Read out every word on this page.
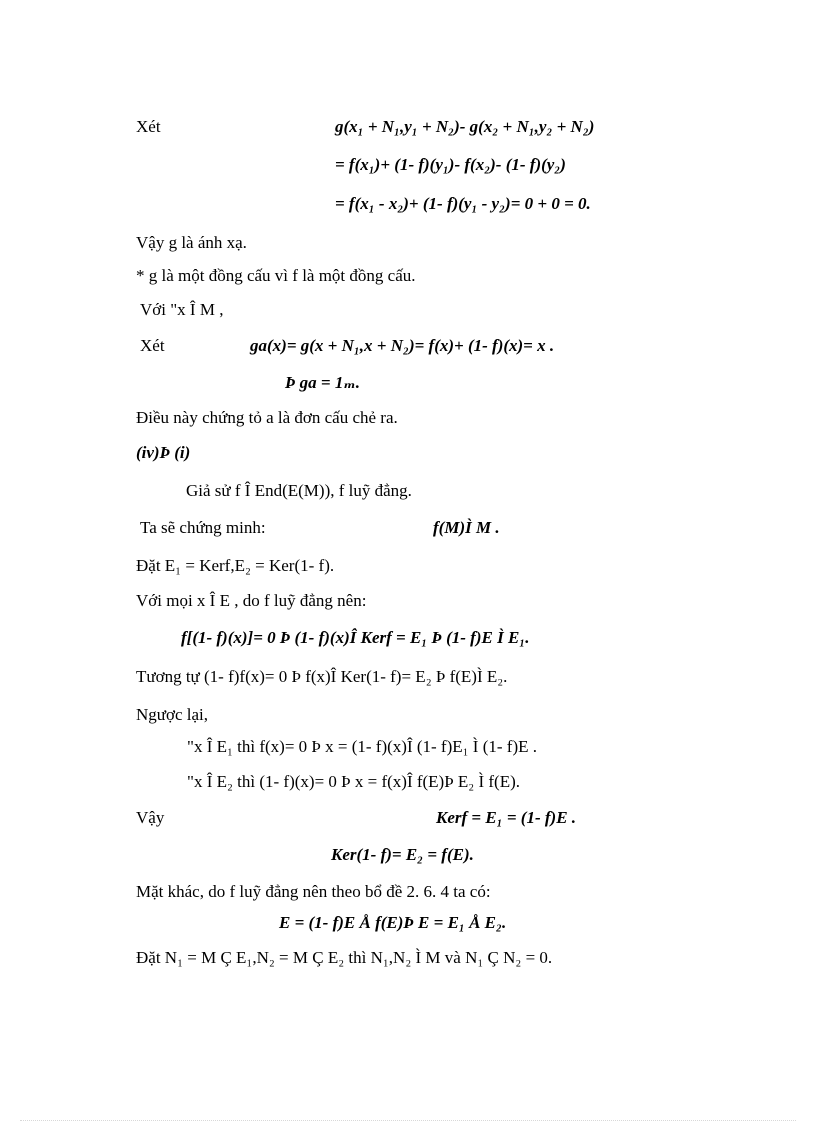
Xét	g(x₁ + N₁,y₁ + N₂)- g(x₂ + N₁,y₂ + N₂)
= f(x₁)+ (1- f)(y₁)- f(x₂)- (1- f)(y₂)
= f(x₁ - x₂)+ (1- f)(y₁ - y₂)= 0 + 0 = 0.
Vậy g là ánh xạ.
* g là một đồng cấu vì f là một đồng cấu.
Với "x Î M ,
Xét	ga(x)= g(x + N₁,x + N₂)= f(x)+ (1- f)(x)= x .
Þ ga = 1ₘ.
Điều này chứng tỏ a là đơn cấu chẻ ra.
(iv)Þ (i)
Giả sử f Î End(E(M)), f luỹ đẳng.
Ta sẽ chứng minh:	f(M)Ì M .
Đặt E₁ = Kerf,E₂ = Ker(1- f).
Với mọi x Î E , do f luỹ đẳng nên:
f[(1- f)(x)]= 0 Þ (1- f)(x)Î Kerf = E₁ Þ (1- f)E Ì E₁.
Tương tự (1- f)f(x)= 0 Þ f(x)Î Ker(1- f)= E₂ Þ f(E)Ì E₂.
Ngược lại,
"x Î E₁ thì f(x)= 0 Þ x = (1- f)(x)Î (1- f)E₁ Ì (1- f)E .
"x Î E₂ thì (1- f)(x)= 0 Þ x = f(x)Î f(E)Þ E₂ Ì f(E).
Vậy	Kerf = E₁ = (1- f)E .
Ker(1- f)= E₂ = f(E).
Mặt khác, do f luỹ đẳng nên theo bổ đề 2. 6. 4 ta có:
E = (1- f)E Å f(E)Þ E = E₁ Å E₂.
Đặt N₁ = M Ç E₁,N₂ = M Ç E₂ thì N₁,N₂ Ì M và N₁ Ç N₂ = 0.
